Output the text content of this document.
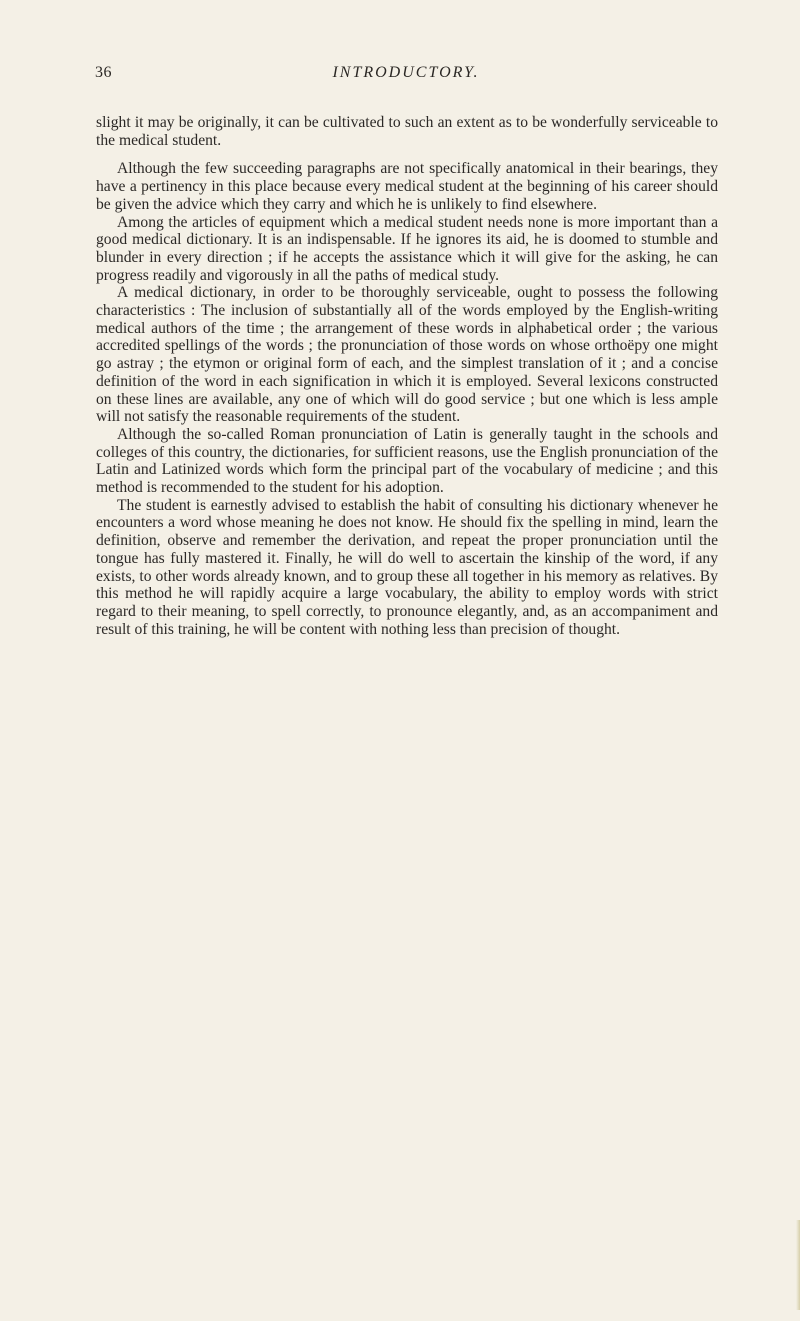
36	INTRODUCTORY.

slight it may be originally, it can be cultivated to such an extent as to be wonderfully serviceable to the medical student.

Although the few succeeding paragraphs are not specifically anatomical in their bearings, they have a pertinency in this place because every medical student at the beginning of his career should be given the advice which they carry and which he is unlikely to find elsewhere.

Among the articles of equipment which a medical student needs none is more important than a good medical dictionary. It is an indispensable. If he ignores its aid, he is doomed to stumble and blunder in every direction ; if he accepts the assistance which it will give for the asking, he can progress readily and vigorously in all the paths of medical study.

A medical dictionary, in order to be thoroughly serviceable, ought to possess the following characteristics : The inclusion of substantially all of the words employed by the English-writing medical authors of the time ; the arrangement of these words in alphabetical order ; the various accredited spellings of the words ; the pronunciation of those words on whose orthoëpy one might go astray ; the etymon or original form of each, and the simplest translation of it ; and a concise definition of the word in each signification in which it is employed. Several lexicons constructed on these lines are available, any one of which will do good service ; but one which is less ample will not satisfy the reasonable requirements of the student.

Although the so-called Roman pronunciation of Latin is generally taught in the schools and colleges of this country, the dictionaries, for sufficient reasons, use the English pronunciation of the Latin and Latinized words which form the principal part of the vocabulary of medicine ; and this method is recommended to the student for his adoption.

The student is earnestly advised to establish the habit of consulting his dictionary whenever he encounters a word whose meaning he does not know. He should fix the spelling in mind, learn the definition, observe and remember the derivation, and repeat the proper pronunciation until the tongue has fully mastered it. Finally, he will do well to ascertain the kinship of the word, if any exists, to other words already known, and to group these all together in his memory as relatives. By this method he will rapidly acquire a large vocabulary, the ability to employ words with strict regard to their meaning, to spell correctly, to pronounce elegantly, and, as an accompaniment and result of this training, he will be content with nothing less than precision of thought.
